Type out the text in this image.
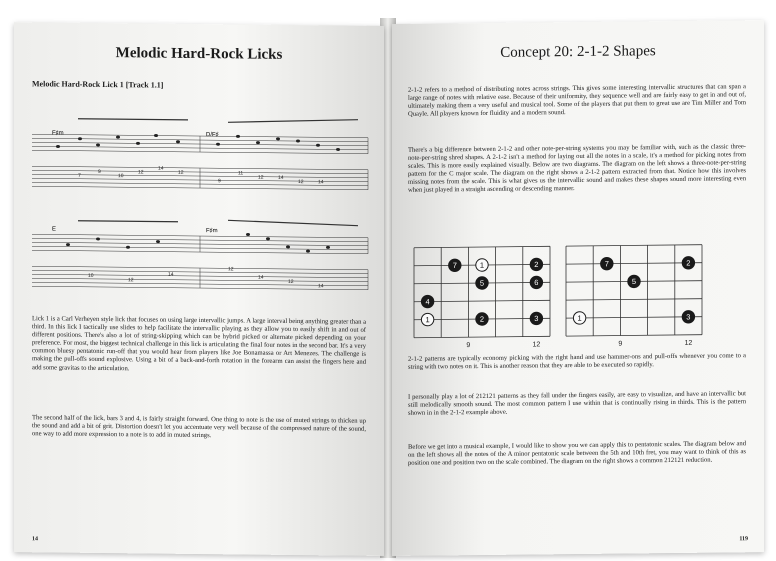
Melodic Hard-Rock Licks
Melodic Hard-Rock Lick 1 [Track 1.1]
7
9
10
12
14
12
9
11
12	14
12	14
10
12
14
12
14
12
14
F♯m	D/F♯
E	F♯m
Lick 1 is a Carl Verheyen style lick that focuses on using large intervallic jumps. A large interval being anything greater than a third. In this lick I tactically use slides to help facilitate the intervallic playing as they allow you to easily shift in and out of different positions. There's also a lot of string-skipping which can be hybrid picked or alternate picked depending on your preference. For most, the biggest technical challenge in this lick is articulating the final four notes in the second bar. It's a very common bluesy pentatonic run-off that you would hear from players like Joe Bonamassa or Art Menezes. The challenge is making the pull-offs sound explosive. Using a bit of a back-and-forth rotation in the forearm can assist the fingers here and add some gravitas to the articulation.
The second half of the lick, bars 3 and 4, is fairly straight forward. One thing to note is the use of muted strings to thicken up the sound and add a bit of grit. Distortion doesn't let you accentuate very well because of the compressed nature of the sound, one way to add more expression to a note is to add in muted strings.
14
Concept 20: 2-1-2 Shapes
2-1-2 refers to a method of distributing notes across strings. This gives some interesting intervallic structures that can span a large range of notes with relative ease. Because of their uniformity, they sequence well and are fairly easy to get in and out of, ultimately making them a very useful and musical tool. Some of the players that put them to great use are Tim Miller and Tom Quayle. All players known for fluidity and a modern sound.
There's a big difference between 2-1-2 and other note-per-string systems you may be familiar with, such as the classic three-note-per-string shred shapes. A 2-1-2 isn't a method for laying out all the notes in a scale, it's a method for picking notes from scales. This is more easily explained visually. Below are two diagrams. The diagram on the left shows a three-note-per-string pattern for the C major scale. The diagram on the right shows a 2-1-2 pattern extracted from that. Notice how this involves missing notes from the scale. This is what gives us the intervallic sound and makes these shapes sound more interesting even when just played in a straight ascending or descending manner.
7	1	2
4
5	6
1	2	3
9	12
7	2
5
1	3
9	12
2-1-2 patterns are typically economy picking with the right hand and use hammer-ons and pull-offs whenever you come to a string with two notes on it. This is another reason that they are able to be executed so rapidly.
I personally play a lot of 212121 patterns as they fall under the fingers easily, are easy to visualize, and have an intervallic but still melodically smooth sound. The most common pattern I use within that is continually rising in thirds. This is the pattern shown in in the 2-1-2 example above.
Before we get into a musical example, I would like to show you we can apply this to pentatonic scales. The diagram below and on the left shows all the notes of the A minor pentatonic scale between the 5th and 10th fret, you may want to think of this as position one and position two on the scale combined. The diagram on the right shows a common 212121 reduction.
119
